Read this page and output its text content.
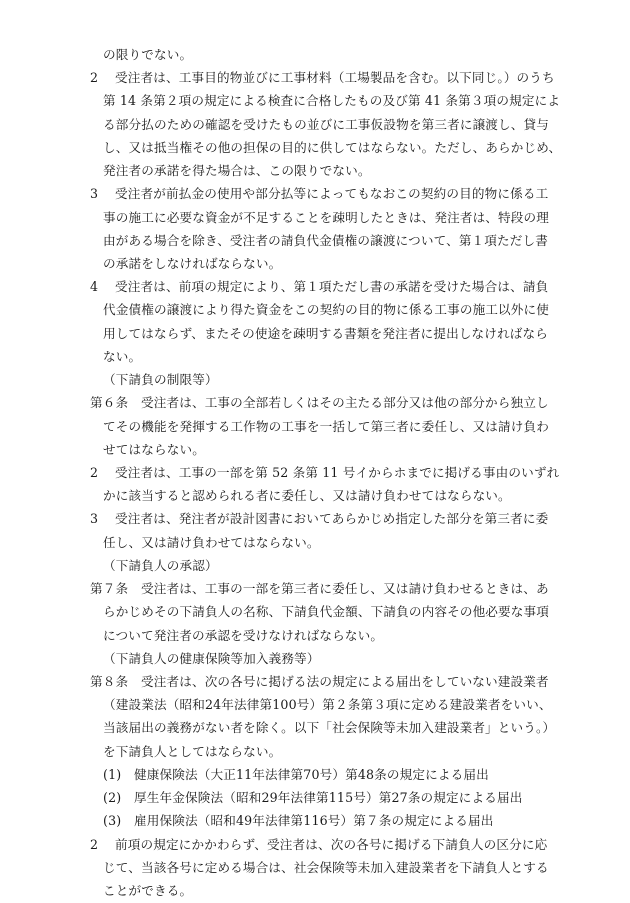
の限りでない。
2　 受注者は、工事目的物並びに工事材料（工場製品を含む。以下同じ。）のうち
第 14 条第２項の規定による検査に合格したもの及び第 41 条第３項の規定によ
る部分払のための確認を受けたもの並びに工事仮設物を第三者に譲渡し、貸与
し、又は抵当権その他の担保の目的に供してはならない。ただし、あらかじめ、
発注者の承諾を得た場合は、この限りでない。
3　 受注者が前払金の使用や部分払等によってもなおこの契約の目的物に係る工
事の施工に必要な資金が不足することを疎明したときは、発注者は、特段の理
由がある場合を除き、受注者の請負代金債権の譲渡について、第１項ただし書
の承諾をしなければならない。
4　 受注者は、前項の規定により、第１項ただし書の承諾を受けた場合は、請負
代金債権の譲渡により得た資金をこの契約の目的物に係る工事の施工以外に使
用してはならず、またその使途を疎明する書類を発注者に提出しなければなら
ない。
（下請負の制限等）
第６条　受注者は、工事の全部若しくはその主たる部分又は他の部分から独立し
てその機能を発揮する工作物の工事を一括して第三者に委任し、又は請け負わ
せてはならない。
2　 受注者は、工事の一部を第 52 条第 11 号イからホまでに掲げる事由のいずれ
かに該当すると認められる者に委任し、又は請け負わせてはならない。
3　 受注者は、発注者が設計図書においてあらかじめ指定した部分を第三者に委
任し、又は請け負わせてはならない。
（下請負人の承認）
第７条　受注者は、工事の一部を第三者に委任し、又は請け負わせるときは、あ
らかじめその下請負人の名称、下請負代金額、下請負の内容その他必要な事項
について発注者の承認を受けなければならない。
（下請負人の健康保険等加入義務等）
第８条　受注者は、次の各号に掲げる法の規定による届出をしていない建設業者
（建設業法（昭和24年法律第100号）第２条第３項に定める建設業者をいい、
当該届出の義務がない者を除く。以下「社会保険等未加入建設業者」という。）
を下請負人としてはならない。
(1)　健康保険法（大正11年法律第70号）第48条の規定による届出
(2)　厚生年金保険法（昭和29年法律第115号）第27条の規定による届出
(3)　雇用保険法（昭和49年法律第116号）第７条の規定による届出
2　 前項の規定にかかわらず、受注者は、次の各号に掲げる下請負人の区分に応
じて、当該各号に定める場合は、社会保険等未加入建設業者を下請負人とする
ことができる。
